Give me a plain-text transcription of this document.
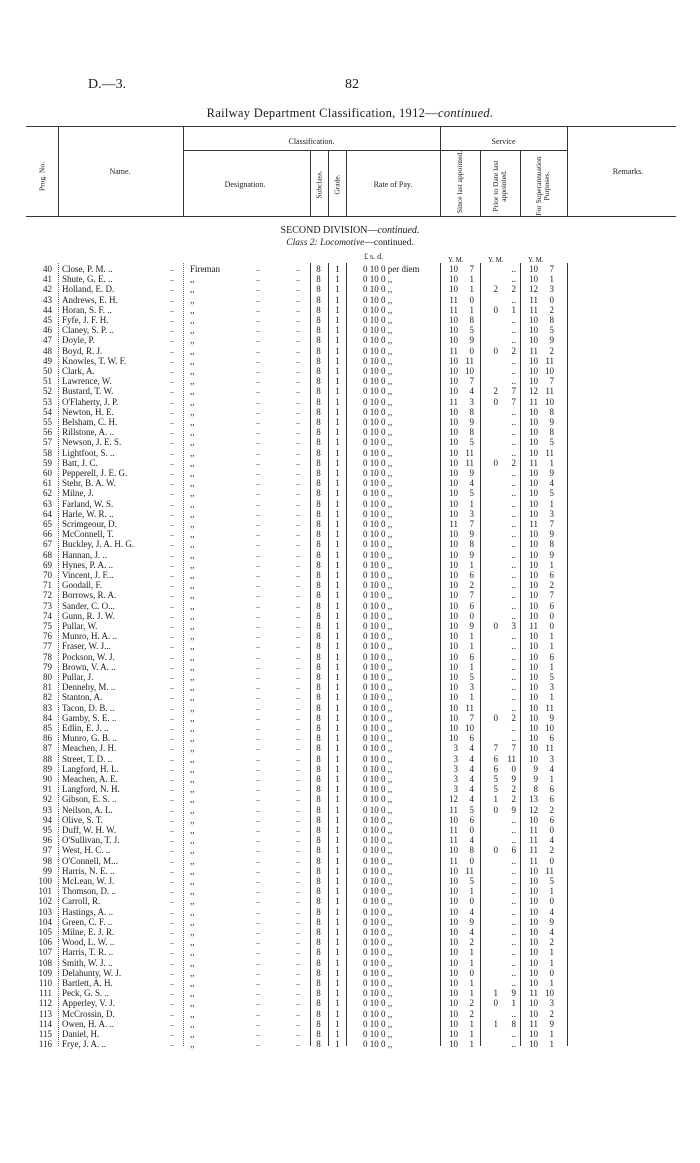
D.—3.	82
Railway Department Classification, 1912—continued.
Prog. No.	Name.
Classification.
Designation.	Subclass. Grade.	Rate of Pay.
Service
Since last appointed.	Prior to Date last appointed.	For Superannuation Purposes.
Remarks.
SECOND DIVISION—continued.
Class 2: Locomotive—continued.
£ s. d.	Y. M.	Y. M.	Y. M.
40 Close, P. M. ..	.. Fireman	..	.. 8 1	0 10 0 per diem	10	7	..	10	7
41 Shute, G. E. ..	.. ,,	..	.. 8 1	0 10 0 ,,	10	1	..	10	1
42 Holland, E. D.	.. ,,	..	.. 8 1	0 10 0 ,,	10	1	2	2	12	3
43 Andrews, E. H.	.. ,,	..	.. 8 1	0 10 0 ,,	11	0	..	11	0
44 Horan, S. F. ..	.. ,,	..	.. 8 1	0 10 0 ,,	11	1	0	1	11	2
45 Fyfe, J. F. H.	.. ,,	..	.. 8 1	0 10 0 ,,	10	8	..	10	8
46 Claney, S. P. ..	.. ,,	..	.. 8 1	0 10 0 ,,	10	5	..	10	5
47 Doyle, P.	.. ,,	..	.. 8 1	0 10 0 ,,	10	9	..	10	9
48 Boyd, R. J.	.. ,,	..	.. 8 1	0 10 0 ,,	11	0	0	2	11	2
49 Knowles, T. W. F.	.. ,,	..	.. 8 1	0 10 0 ,,	10 11	..	10 11
50 Clark, A.	.. ,,	..	.. 8 1	0 10 0 ,,	10 10	..	10 10
51 Lawrence, W.	.. ,,	..	.. 8 1	0 10 0 ,,	10	7	..	10	7
52 Bustard, T. W.	.. ,,	..	.. 8 1	0 10 0 ,,	10	4	2	7	12 11
53 O'Flaherty, J. P.	.. ,,	..	.. 8 1	0 10 0 ,,	11	3	0	7	11 10
54 Newton, H. E.	.. ,,	..	.. 8 1	0 10 0 ,,	10	8	..	10	8
55 Belsham, C. H.	.. ,,	..	.. 8 1	0 10 0 ,,	10	9	..	10	9
56 Rillstone, A. ..	.. ,,	..	.. 8 1	0 10 0 ,,	10	8	..	10	8
57 Newson, J. E. S.	.. ,,	..	.. 8 1	0 10 0 ,,	10	5	..	10	5
58 Lightfoot, S. ..	.. ,,	..	.. 8 1	0 10 0 ,,	10 11	..	10 11
59 Batt, J. C.	.. ,,	..	.. 8 1	0 10 0 ,,	10 11	0	2	11	1
60 Pepperell, J. E. G.	.. ,,	..	.. 8 1	0 10 0 ,,	10	9	..	10	9
61 Stehr, B. A. W.	.. ,,	..	.. 8 1	0 10 0 ,,	10	4	..	10	4
62 Milne, J.	.. ,,	..	.. 8 1	0 10 0 ,,	10	5	..	10	5
63 Farland, W. S.	.. ,,	..	.. 8 1	0 10 0 ,,	10	1	..	10	1
64 Harle, W. R. ..	.. ,,	..	.. 8 1	0 10 0 ,,	10	3	..	10	3
65 Scrimgeour, D.	.. ,,	..	.. 8 1	0 10 0 ,,	11	7	..	11	7
66 McConnell, T.	.. ,,	..	.. 8 1	0 10 0 ,,	10	9	..	10	9
67 Buckley, J. A. H. G.	.. ,,	..	.. 8 1	0 10 0 ,,	10	8	..	10	8
68 Hannan, J. ..	.. ,,	..	.. 8 1	0 10 0 ,,	10	9	..	10	9
69 Hynes, P. A. ..	.. ,,	..	.. 8 1	0 10 0 ,,	10	1	..	10	1
70 Vincent, J. F...	.. ,,	..	.. 8 1	0 10 0 ,,	10	6	..	10	6
71 Goodall, F.	.. ,,	..	.. 8 1	0 10 0 ,,	10	2	..	10	2
72 Borrows, R. A.	.. ,,	..	.. 8 1	0 10 0 ,,	10	7	..	10	7
73 Sander, C. O...	.. ,,	..	.. 8 1	0 10 0 ,,	10	6	..	10	6
74 Gunn, R. J. W.	.. ,,	..	.. 8 1	0 10 0 ,,	10	0	..	10	0
75 Pullar, W.	.. ,,	..	.. 8 1	0 10 0 ,,	10	9	0	3	11	0
76 Munro, H. A. ..	.. ,,	..	.. 8 1	0 10 0 ,,	10	1	..	10	1
77 Fraser, W. J...	.. ,,	..	.. 8 1	0 10 0 ,,	10	1	..	10	1
78 Pockson, W. J.	.. ,,	..	.. 8 1	0 10 0 ,,	10	6	..	10	6
79 Brown, V. A. ..	.. ,,	..	.. 8 1	0 10 0 ,,	10	1	..	10	1
80 Pullar, J.	.. ,,	..	.. 8 1	0 10 0 ,,	10	5	..	10	5
81 Dennehy, M. ..	.. ,,	..	.. 8 1	0 10 0 ,,	10	3	..	10	3
82 Stanton, A.	.. ,,	..	.. 8 1	0 10 0 ,,	10	1	..	10	1
83 Tacon, D. B. ..	.. ,,	..	.. 8 1	0 10 0 ,,	10 11	..	10 11
84 Gamby, S. E. ..	.. ,,	..	.. 8 1	0 10 0 ,,	10	7	0	2	10	9
85 Edlin, E. J. ..	.. ,,	..	.. 8 1	0 10 0 ,,	10 10	..	10 10
86 Munro, G. B. ..	.. ,,	..	.. 8 1	0 10 0 ,,	10	6	..	10	6
87 Meachen, J. H.	.. ,,	..	.. 8 1	0 10 0 ,,	3	4	7	7	10 11
88 Street, T. D. ..	.. ,,	..	.. 8 1	0 10 0 ,,	3	4	6	11	10	3
89 Langford, H. L.	.. ,,	..	.. 8 1	0 10 0 ,,	3	4	6	0	9	4
90 Meachen, A. E.	.. ,,	..	.. 8 1	0 10 0 ,,	3	4	5	9	9	1
91 Langford, N. H.	.. ,,	..	.. 8 1	0 10 0 ,,	3	4	5	2	8	6
92 Gibson, E. S. ..	.. ,,	..	.. 8 1	0 10 0 ,,	12	4	1	2	13	6
93 Neilson, A. L.	.. ,,	..	.. 8 1	0 10 0 ,,	11	5	0	9	12	2
94 Olive, S. T.	.. ,,	..	.. 8 1	0 10 0 ,,	10	6	..	10	6
95 Duff, W. H. W.	.. ,,	..	.. 8 1	0 10 0 ,,	11	0	..	11	0
96 O'Sullivan, T. J.	.. ,,	..	.. 8 1	0 10 0 ,,	11	4	..	11	4
97 West, H. C. ..	.. ,,	..	.. 8 1	0 10 0 ,,	10	8	0	6	11	2
98 O'Connell, M...	.. ,,	..	.. 8 1	0 10 0 ,,	11	0	..	11	0
99 Harris, N. E. ..	.. ,,	..	.. 8 1	0 10 0 ,,	10 11	..	10 11
100 McLean, W. J.	.. ,,	..	.. 8 1	0 10 0 ,,	10	5	..	10	5
101 Thomson, D. ..	.. ,,	..	.. 8 1	0 10 0 ,,	10	1	..	10	1
102 Carroll, R.	.. ,,	..	.. 8 1	0 10 0 ,,	10	0	..	10	0
103 Hastings, A. ..	.. ,,	..	.. 8 1	0 10 0 ,,	10	4	..	10	4
104 Green, C. F. ..	.. ,,	..	.. 8 1	0 10 0 ,,	10	9	..	10	9
105 Milne, E. J. R.	.. ,,	..	.. 8 1	0 10 0 ,,	10	4	..	10	4
106 Wood, L. W. ..	.. ,,	..	.. 8 1	0 10 0 ,,	10	2	..	10	2
107 Harris, T. R. ..	.. ,,	..	.. 8 1	0 10 0 ,,	10	1	..	10	1
108 Smith, W. J. ..	.. ,,	..	.. 8 1	0 10 0 ,,	10	1	..	10	1
109 Delahunty, W. J.	.. ,,	..	.. 8 1	0 10 0 ,,	10	0	..	10	0
110 Bartlett, A. H.	.. ,,	..	.. 8 1	0 10 0 ,,	10	1	..	10	1
111 Peck, G. S. ..	.. ,,	..	.. 8 1	0 10 0 ,,	10	1	1	9	11 10
112 Apperley, V. J.	.. ,,	..	.. 8 1	0 10 0 ,,	10	2	0	1	10	3
113 McCrossin, D.	.. ,,	..	.. 8 1	0 10 0 ,,	10	2	..	10	2
114 Owen, H. A. ..	.. ,,	..	.. 8 1	0 10 0 ,,	10	1	1	8	11	9
115 Daniel, H.	.. ,,	..	.. 8 1	0 10 0 ,,	10	1	..	10	1
116 Frye, J. A. ..	.. ,,	..	.. 8 1	0 10 0 ,,	10	1	..	10	1
